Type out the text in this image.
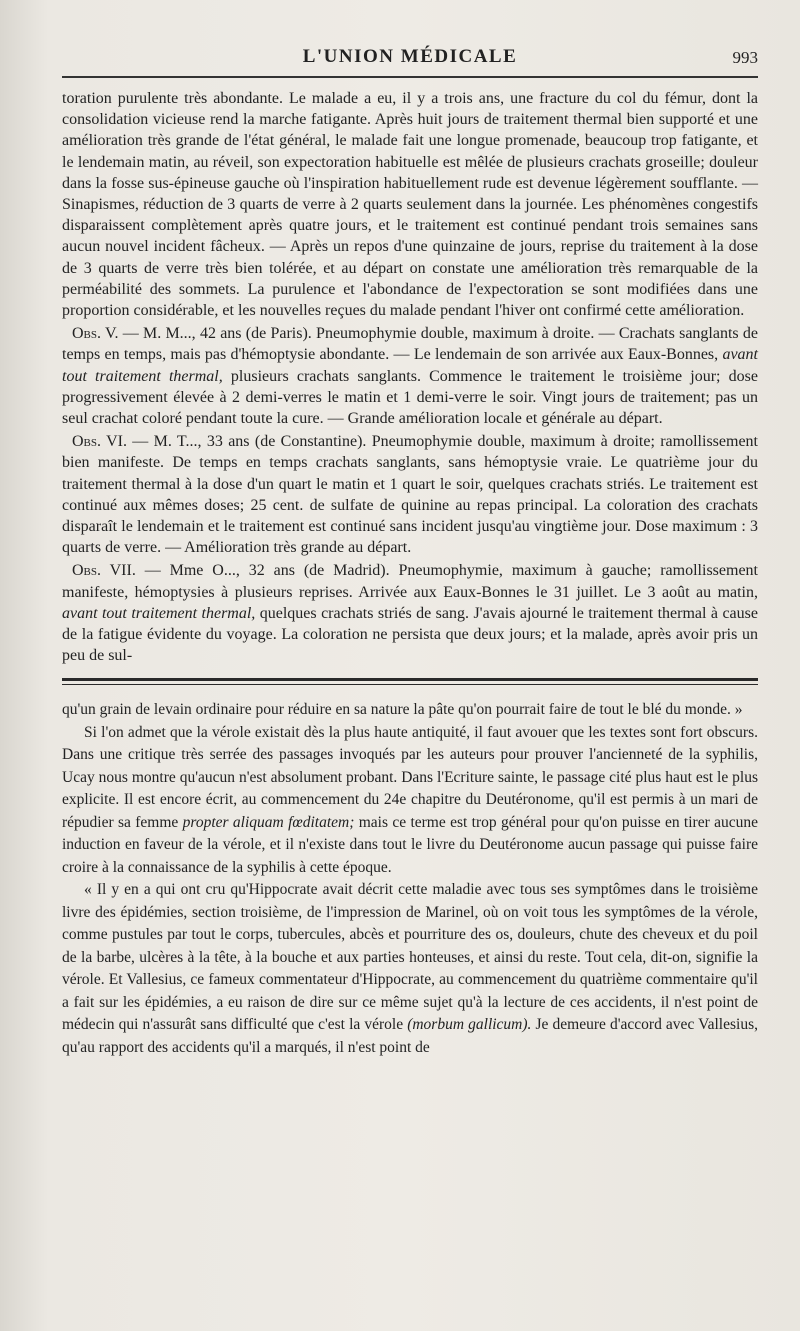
L'UNION MÉDICALE	993

toration purulente très abondante. Le malade a eu, il y a trois ans, une fracture du col du fémur, dont la consolidation vicieuse rend la marche fatigante. Après huit jours de traitement thermal bien supporté et une amélioration très grande de l'état général, le malade fait une longue promenade, beaucoup trop fatigante, et le lendemain matin, au réveil, son expectoration habituelle est mêlée de plusieurs crachats groseille; douleur dans la fosse sus-épineuse gauche où l'inspiration habituellement rude est devenue légèrement soufflante. — Sinapismes, réduction de 3 quarts de verre à 2 quarts seulement dans la journée. Les phénomènes congestifs disparaissent complètement après quatre jours, et le traitement est continué pendant trois semaines sans aucun nouvel incident fâcheux. — Après un repos d'une quinzaine de jours, reprise du traitement à la dose de 3 quarts de verre très bien tolérée, et au départ on constate une amélioration très remarquable de la perméabilité des sommets. La purulence et l'abondance de l'expectoration se sont modifiées dans une proportion considérable, et les nouvelles reçues du malade pendant l'hiver ont confirmé cette amélioration.

Obs. V. — M. M..., 42 ans (de Paris). Pneumophymie double, maximum à droite. — Crachats sanglants de temps en temps, mais pas d'hémoptysie abondante. — Le lendemain de son arrivée aux Eaux-Bonnes, avant tout traitement thermal, plusieurs crachats sanglants. Commence le traitement le troisième jour; dose progressivement élevée à 2 demi-verres le matin et 1 demi-verre le soir. Vingt jours de traitement; pas un seul crachat coloré pendant toute la cure. — Grande amélioration locale et générale au départ.

Obs. VI. — M. T..., 33 ans (de Constantine). Pneumophymie double, maximum à droite; ramollissement bien manifeste. De temps en temps crachats sanglants, sans hémoptysie vraie. Le quatrième jour du traitement thermal à la dose d'un quart le matin et 1 quart le soir, quelques crachats striés. Le traitement est continué aux mêmes doses; 25 cent. de sulfate de quinine au repas principal. La coloration des crachats disparaît le lendemain et le traitement est continué sans incident jusqu'au vingtième jour. Dose maximum : 3 quarts de verre. — Amélioration très grande au départ.

Obs. VII. — Mme O..., 32 ans (de Madrid). Pneumophymie, maximum à gauche; ramollissement manifeste, hémoptysies à plusieurs reprises. Arrivée aux Eaux-Bonnes le 31 juillet. Le 3 août au matin, avant tout traitement thermal, quelques crachats striés de sang. J'avais ajourné le traitement thermal à cause de la fatigue évidente du voyage. La coloration ne persista que deux jours; et la malade, après avoir pris un peu de sul-

qu'un grain de levain ordinaire pour réduire en sa nature la pâte qu'on pourrait faire de tout le blé du monde. »

Si l'on admet que la vérole existait dès la plus haute antiquité, il faut avouer que les textes sont fort obscurs. Dans une critique très serrée des passages invoqués par les auteurs pour prouver l'ancienneté de la syphilis, Ucay nous montre qu'aucun n'est absolument probant. Dans l'Ecriture sainte, le passage cité plus haut est le plus explicite. Il est encore écrit, au commencement du 24e chapitre du Deutéronome, qu'il est permis à un mari de répudier sa femme propter aliquam fœditatem; mais ce terme est trop général pour qu'on puisse en tirer aucune induction en faveur de la vérole, et il n'existe dans tout le livre du Deutéronome aucun passage qui puisse faire croire à la connaissance de la syphilis à cette époque.

« Il y en a qui ont cru qu'Hippocrate avait décrit cette maladie avec tous ses symptômes dans le troisième livre des épidémies, section troisième, de l'impression de Marinel, où on voit tous les symptômes de la vérole, comme pustules par tout le corps, tubercules, abcès et pourriture des os, douleurs, chute des cheveux et du poil de la barbe, ulcères à la tête, à la bouche et aux parties honteuses, et ainsi du reste. Tout cela, dit-on, signifie la vérole. Et Vallesius, ce fameux commentateur d'Hippocrate, au commencement du quatrième commentaire qu'il a fait sur les épidémies, a eu raison de dire sur ce même sujet qu'à la lecture de ces accidents, il n'est point de médecin qui n'assurât sans difficulté que c'est la vérole (morbum gallicum). Je demeure d'accord avec Vallesius, qu'au rapport des accidents qu'il a marqués, il n'est point de
